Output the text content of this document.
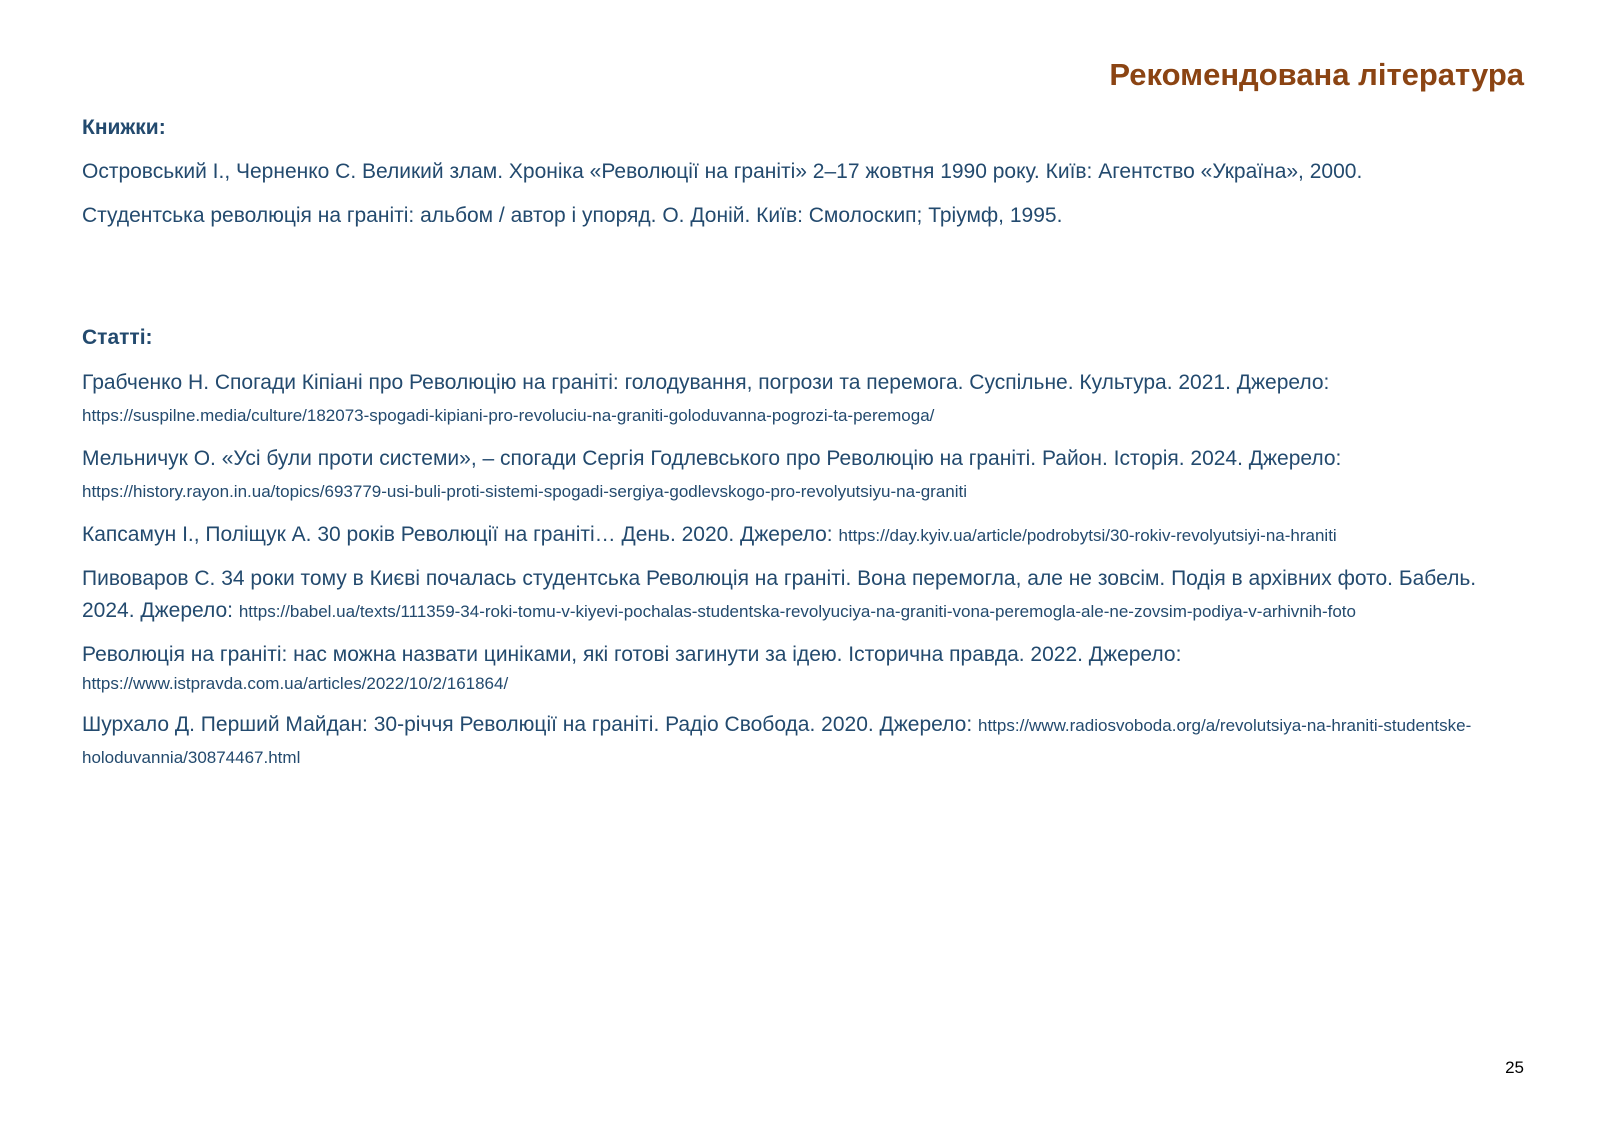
Рекомендована література
Книжки:
Островський І., Черненко С. Великий злам. Хроніка «Революції на граніті» 2–17 жовтня 1990 року. Київ: Агентство «Україна», 2000.
Студентська революція на граніті: альбом / автор і упоряд. О. Доній. Київ: Смолоскип; Тріумф, 1995.
Статті:
Грабченко Н. Спогади Кіпіані про Революцію на граніті: голодування, погрози та перемога. Суспільне. Культура. 2021. Джерело: https://suspilne.media/culture/182073-spogadi-kipiani-pro-revoluciu-na-graniti-goloduvanna-pogrozi-ta-peremoga/
Мельничук О. «Усі були проти системи», – спогади Сергія Годлевського про Революцію на граніті. Район. Історія. 2024. Джерело: https://history.rayon.in.ua/topics/693779-usi-buli-proti-sistemi-spogadi-sergiya-godlevskogo-pro-revolyutsiyu-na-graniti
Капсамун І., Поліщук А. 30 років Революції на граніті… День. 2020. Джерело: https://day.kyiv.ua/article/podrobytsi/30-rokiv-revolyutsiyi-na-hraniti
Пивоваров С. 34 роки тому в Києві почалась студентська Революція на граніті. Вона перемогла, але не зовсім. Подія в архівних фото. Бабель. 2024. Джерело: https://babel.ua/texts/111359-34-roki-tomu-v-kiyevi-pochalas-studentska-revolyuciya-na-graniti-vona-peremogla-ale-ne-zovsim-podiya-v-arhivnih-foto
Революція на граніті: нас можна назвати циніками, які готові загинути за ідею. Історична правда. 2022. Джерело:
https://www.istpravda.com.ua/articles/2022/10/2/161864/
Шурхало Д. Перший Майдан: 30-річчя Революції на граніті. Радіо Свобода. 2020. Джерело: https://www.radiosvoboda.org/a/revolutsiya-na-hraniti-studentske-holoduvannia/30874467.html

25
